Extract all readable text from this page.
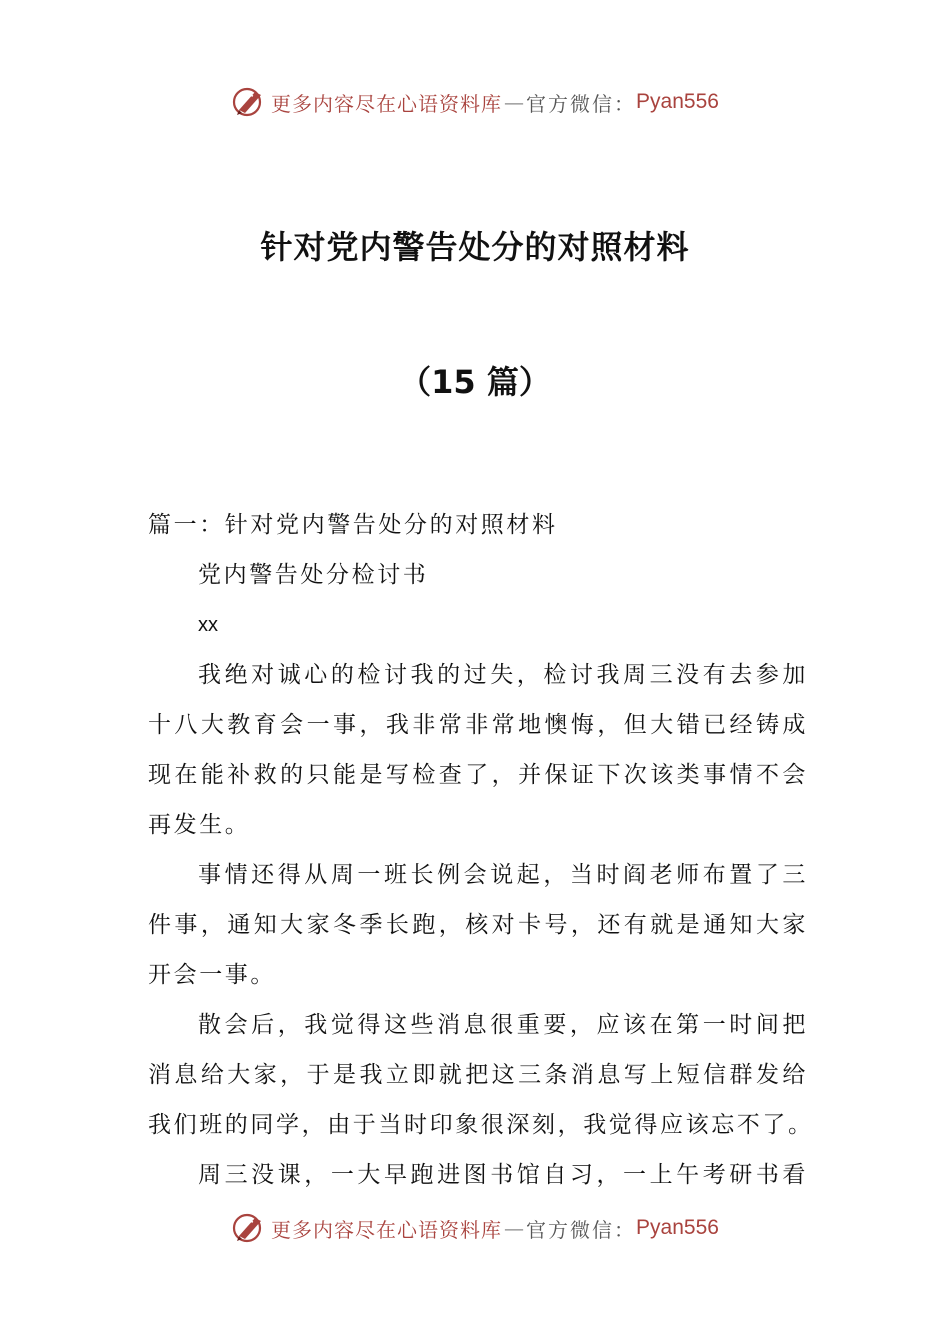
更多内容尽在心语资料库 — 官方微信： Pyan556
针对党内警告处分的对照材料
（15 篇）

篇一：针对党内警告处分的对照材料

党内警告处分检讨书

xx

我绝对诚心的检讨我的过失，检讨我周三没有去参加

十八大教育会一事，我非常非常地懊悔，但大错已经铸成

现在能补救的只能是写检查了，并保证下次该类事情不会

再发生。

事情还得从周一班长例会说起，当时阎老师布置了三

件事，通知大家冬季长跑，核对卡号，还有就是通知大家

开会一事。

散会后，我觉得这些消息很重要，应该在第一时间把

消息给大家，于是我立即就把这三条消息写上短信群发给

我们班的同学，由于当时印象很深刻，我觉得应该忘不了。

周三没课，一大早跑进图书馆自习，一上午考研书看

更多内容尽在心语资料库 — 官方微信： Pyan556
